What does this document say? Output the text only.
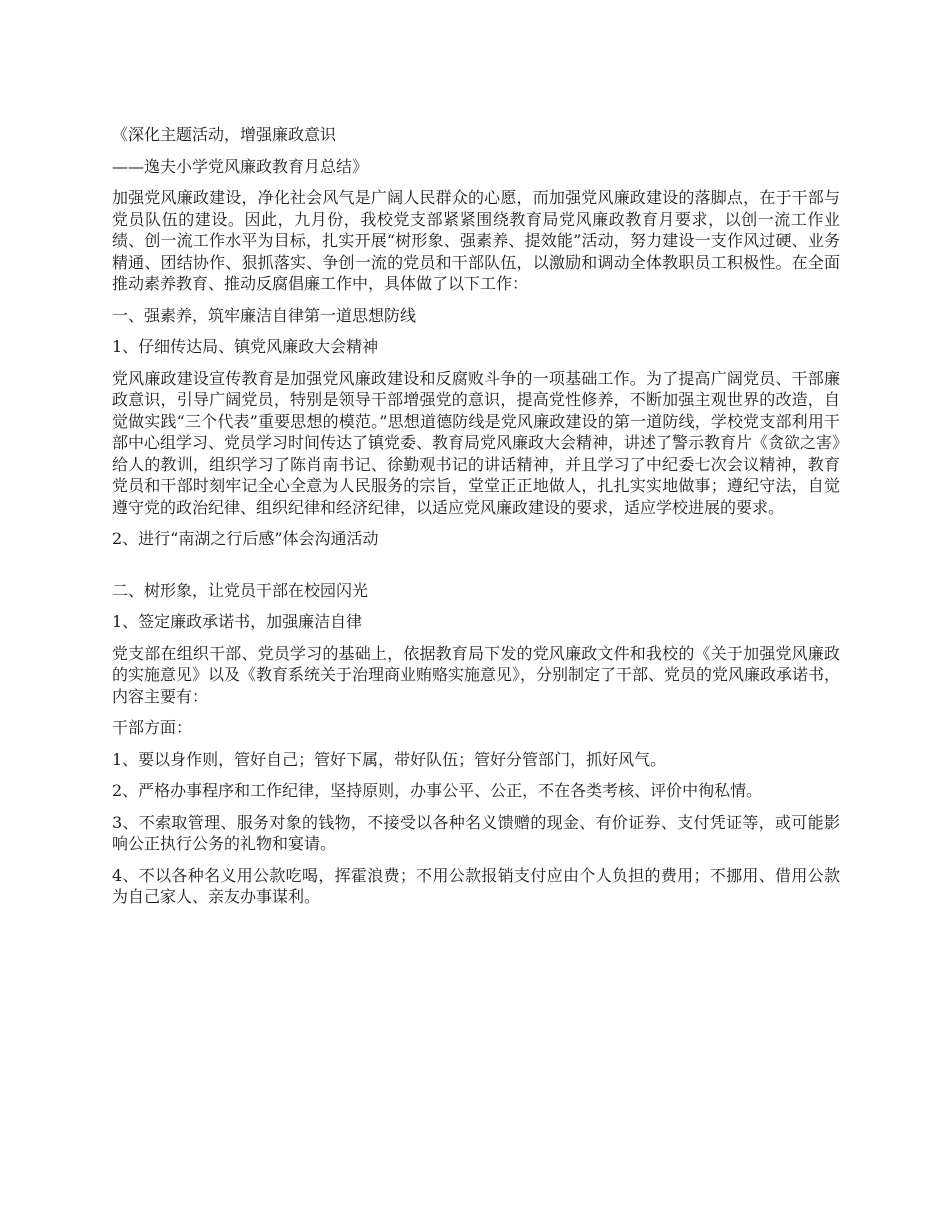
《深化主题活动，增强廉政意识

——逸夫小学党风廉政教育月总结》

加强党风廉政建设，净化社会风气是广阔人民群众的心愿，而加强党风廉政建设的落脚点，在于干部与党员队伍的建设。因此，九月份，我校党支部紧紧围绕教育局党风廉政教育月要求，以创一流工作业绩、创一流工作水平为目标，扎实开展“树形象、强素养、提效能”活动，努力建设一支作风过硬、业务精通、团结协作、狠抓落实、争创一流的党员和干部队伍，以激励和调动全体教职员工积极性。在全面推动素养教育、推动反腐倡廉工作中，具体做了以下工作：

一、强素养，筑牢廉洁自律第一道思想防线

1、仔细传达局、镇党风廉政大会精神

党风廉政建设宣传教育是加强党风廉政建设和反腐败斗争的一项基础工作。为了提高广阔党员、干部廉政意识，引导广阔党员，特别是领导干部增强党的意识，提高党性修养，不断加强主观世界的改造，自觉做实践“三个代表”重要思想的模范。”思想道德防线是党风廉政建设的第一道防线，学校党支部利用干部中心组学习、党员学习时间传达了镇党委、教育局党风廉政大会精神，讲述了警示教育片《贪欲之害》给人的教训，组织学习了陈肖南书记、徐勤观书记的讲话精神，并且学习了中纪委七次会议精神，教育党员和干部时刻牢记全心全意为人民服务的宗旨，堂堂正正地做人，扎扎实实地做事；遵纪守法，自觉遵守党的政治纪律、组织纪律和经济纪律，以适应党风廉政建设的要求，适应学校进展的要求。

2、进行“南湖之行后感”体会沟通活动

二、树形象，让党员干部在校园闪光

1、签定廉政承诺书，加强廉洁自律

党支部在组织干部、党员学习的基础上，依据教育局下发的党风廉政文件和我校的《关于加强党风廉政的实施意见》以及《教育系统关于治理商业贿赂实施意见》，分别制定了干部、党员的党风廉政承诺书，内容主要有：

干部方面：

1、要以身作则，管好自己；管好下属，带好队伍；管好分管部门，抓好风气。

2、严格办事程序和工作纪律，坚持原则，办事公平、公正，不在各类考核、评价中徇私情。

3、不索取管理、服务对象的钱物，不接受以各种名义馈赠的现金、有价证券、支付凭证等，或可能影响公正执行公务的礼物和宴请。

4、不以各种名义用公款吃喝，挥霍浪费；不用公款报销支付应由个人负担的费用；不挪用、借用公款为自己家人、亲友办事谋利。
